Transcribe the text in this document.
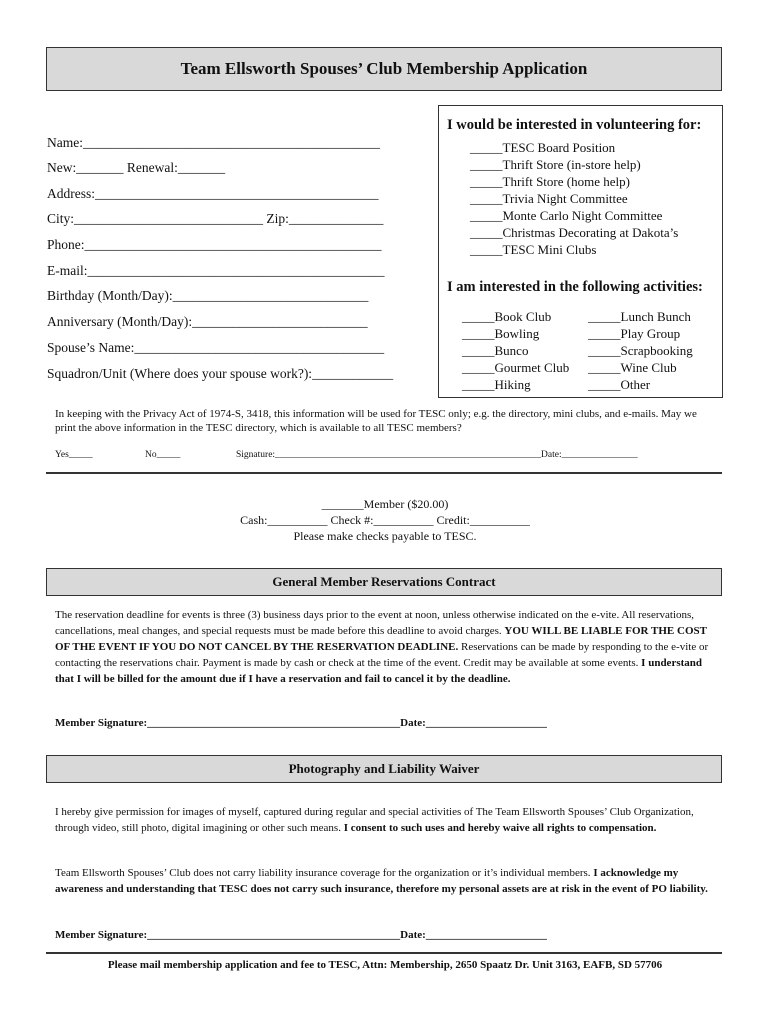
Team Ellsworth Spouses’ Club Membership Application
Name:____________________________________________
New:_______ Renewal:_______
Address:__________________________________________
City:____________________________ Zip:______________
Phone:____________________________________________
E-mail:____________________________________________
Birthday (Month/Day):_____________________________
Anniversary (Month/Day):__________________________
Spouse’s Name:_____________________________________
Squadron/Unit (Where does your spouse work?):____________
I would be interested in volunteering for:
_____TESC Board Position
_____Thrift Store (in-store help)
_____Thrift Store (home help)
_____Trivia Night Committee
_____Monte Carlo Night Committee
_____Christmas Decorating at Dakota’s
_____TESC Mini Clubs
I am interested in the following activities:
_____Book Club
_____Bowling
_____Bunco
_____Gourmet Club
_____Hiking
_____Lunch Bunch
_____Play Group
_____Scrapbooking
_____Wine Club
_____Other
In keeping with the Privacy Act of 1974-S, 3418, this information will be used for TESC only; e.g. the directory, mini clubs, and e-mails. May we print the above information in the TESC directory, which is available to all TESC members?
Yes_____	No_____	Signature:________________________________________________________Date:________________
_______Member ($20.00)
Cash:__________ Check #:__________ Credit:__________
Please make checks payable to TESC.
General Member Reservations Contract
The reservation deadline for events is three (3) business days prior to the event at noon, unless otherwise indicated on the e-vite. All reservations, cancellations, meal changes, and special requests must be made before this deadline to avoid charges. YOU WILL BE LIABLE FOR THE COST OF THE EVENT IF YOU DO NOT CANCEL BY THE RESERVATION DEADLINE. Reservations can be made by responding to the e-vite or contacting the reservations chair. Payment is made by cash or check at the time of the event. Credit may be available at some events. I understand that I will be billed for the amount due if I have a reservation and fail to cancel it by the deadline.
Member Signature:______________________________________________Date:______________________
Photography and Liability Waiver
I hereby give permission for images of myself, captured during regular and special activities of The Team Ellsworth Spouses’ Club Organization, through video, still photo, digital imagining or other such means. I consent to such uses and hereby waive all rights to compensation.
Team Ellsworth Spouses’ Club does not carry liability insurance coverage for the organization or it’s individual members. I acknowledge my awareness and understanding that TESC does not carry such insurance, therefore my personal assets are at risk in the event of PO liability.
Member Signature:______________________________________________Date:______________________
Please mail membership application and fee to TESC, Attn: Membership, 2650 Spaatz Dr. Unit 3163, EAFB, SD 57706
